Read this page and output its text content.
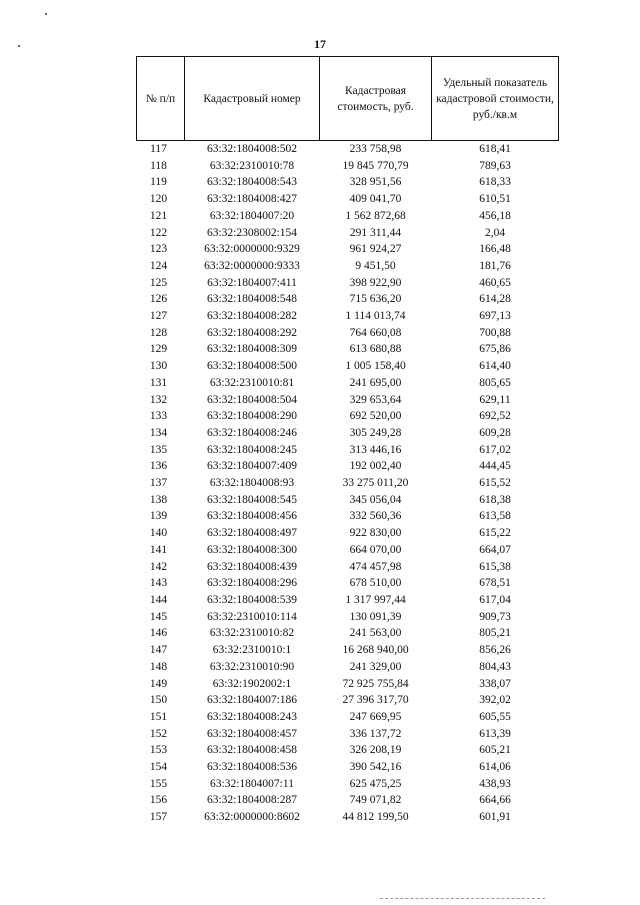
17
№ п/п	Кадастровый номер	Кадастровая стоимость, руб.	Удельный показатель кадастровой стоимости, руб./кв.м
117	63:32:1804008:502	233 758,98	618,41
118	63:32:2310010:78	19 845 770,79	789,63
119	63:32:1804008:543	328 951,56	618,33
120	63:32:1804008:427	409 041,70	610,51
121	63:32:1804007:20	1 562 872,68	456,18
122	63:32:2308002:154	291 311,44	2,04
123	63:32:0000000:9329	961 924,27	166,48
124	63:32:0000000:9333	9 451,50	181,76
125	63:32:1804007:411	398 922,90	460,65
126	63:32:1804008:548	715 636,20	614,28
127	63:32:1804008:282	1 114 013,74	697,13
128	63:32:1804008:292	764 660,08	700,88
129	63:32:1804008:309	613 680,88	675,86
130	63:32:1804008:500	1 005 158,40	614,40
131	63:32:2310010:81	241 695,00	805,65
132	63:32:1804008:504	329 653,64	629,11
133	63:32:1804008:290	692 520,00	692,52
134	63:32:1804008:246	305 249,28	609,28
135	63:32:1804008:245	313 446,16	617,02
136	63:32:1804007:409	192 002,40	444,45
137	63:32:1804008:93	33 275 011,20	615,52
138	63:32:1804008:545	345 056,04	618,38
139	63:32:1804008:456	332 560,36	613,58
140	63:32:1804008:497	922 830,00	615,22
141	63:32:1804008:300	664 070,00	664,07
142	63:32:1804008:439	474 457,98	615,38
143	63:32:1804008:296	678 510,00	678,51
144	63:32:1804008:539	1 317 997,44	617,04
145	63:32:2310010:114	130 091,39	909,73
146	63:32:2310010:82	241 563,00	805,21
147	63:32:2310010:1	16 268 940,00	856,26
148	63:32:2310010:90	241 329,00	804,43
149	63:32:1902002:1	72 925 755,84	338,07
150	63:32:1804007:186	27 396 317,70	392,02
151	63:32:1804008:243	247 669,95	605,55
152	63:32:1804008:457	336 137,72	613,39
153	63:32:1804008:458	326 208,19	605,21
154	63:32:1804008:536	390 542,16	614,06
155	63:32:1804007:11	625 475,25	438,93
156	63:32:1804008:287	749 071,82	664,66
157	63:32:0000000:8602	44 812 199,50	601,91
